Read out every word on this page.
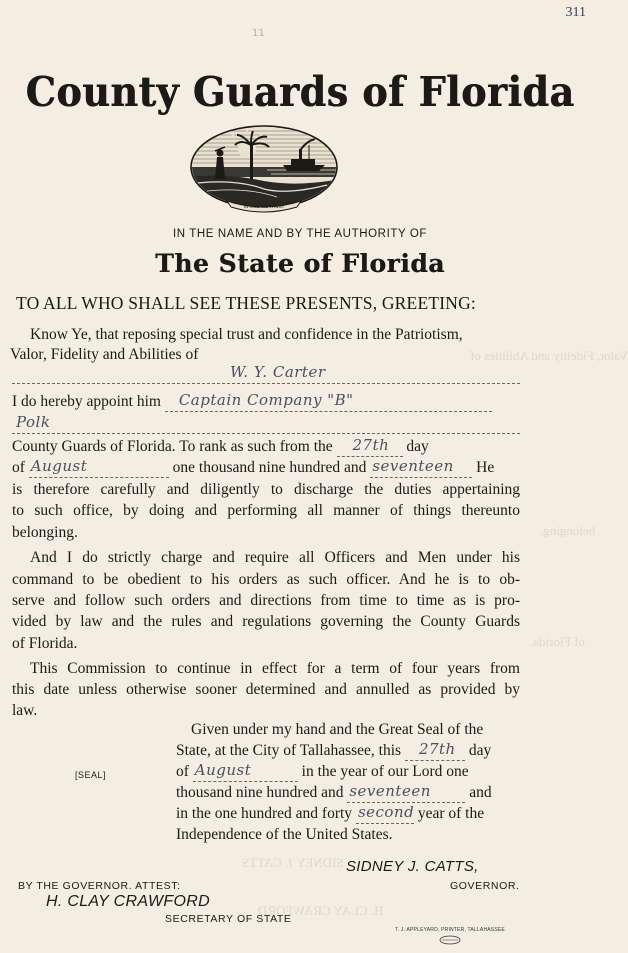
311
11
Valor, Fidelity and Abilities of
belonging.
of Florida.
SIDNEY J. CATTS
H. CLAY CRAWFORD
County Guards of Florida
IN GOD WE TRUST
IN THE NAME AND BY THE AUTHORITY OF
The State of Florida
TO ALL WHO SHALL SEE THESE PRESENTS, GREETING:
Know Ye, that reposing special trust and confidence in the Patriotism,
Valor, Fidelity and Abilities of
W. Y. Carter
I do hereby appoint him Captain Company "B"
Polk
County Guards of Florida. To rank as such from the 27th day
of August	one thousand nine hundred and seventeen He
is therefore carefully and diligently to discharge the duties appertaining
to such office, by doing and performing all manner of things thereunto
belonging.
And I do strictly charge and require all Officers and Men under his
command to be obedient to his orders as such officer. And he is to ob-
serve and follow such orders and directions from time to time as is pro-
vided by law and the rules and regulations governing the County Guards
of Florida.
This Commission to continue in effect for a term of four years from
this date unless otherwise sooner determined and annulled as provided by
law.
Given under my hand and the Great Seal of the
State, at the City of Tallahassee, this 27th day
of August	in the year of our Lord one
thousand nine hundred and seventeen and
in the one hundred and forty second year of the
Independence of the United States.
[SEAL]
SIDNEY J. CATTS,
GOVERNOR.
BY THE GOVERNOR. ATTEST:
H. CLAY CRAWFORD
SECRETARY OF STATE
T. J. APPLEYARD, PRINTER, TALLAHASSEE
